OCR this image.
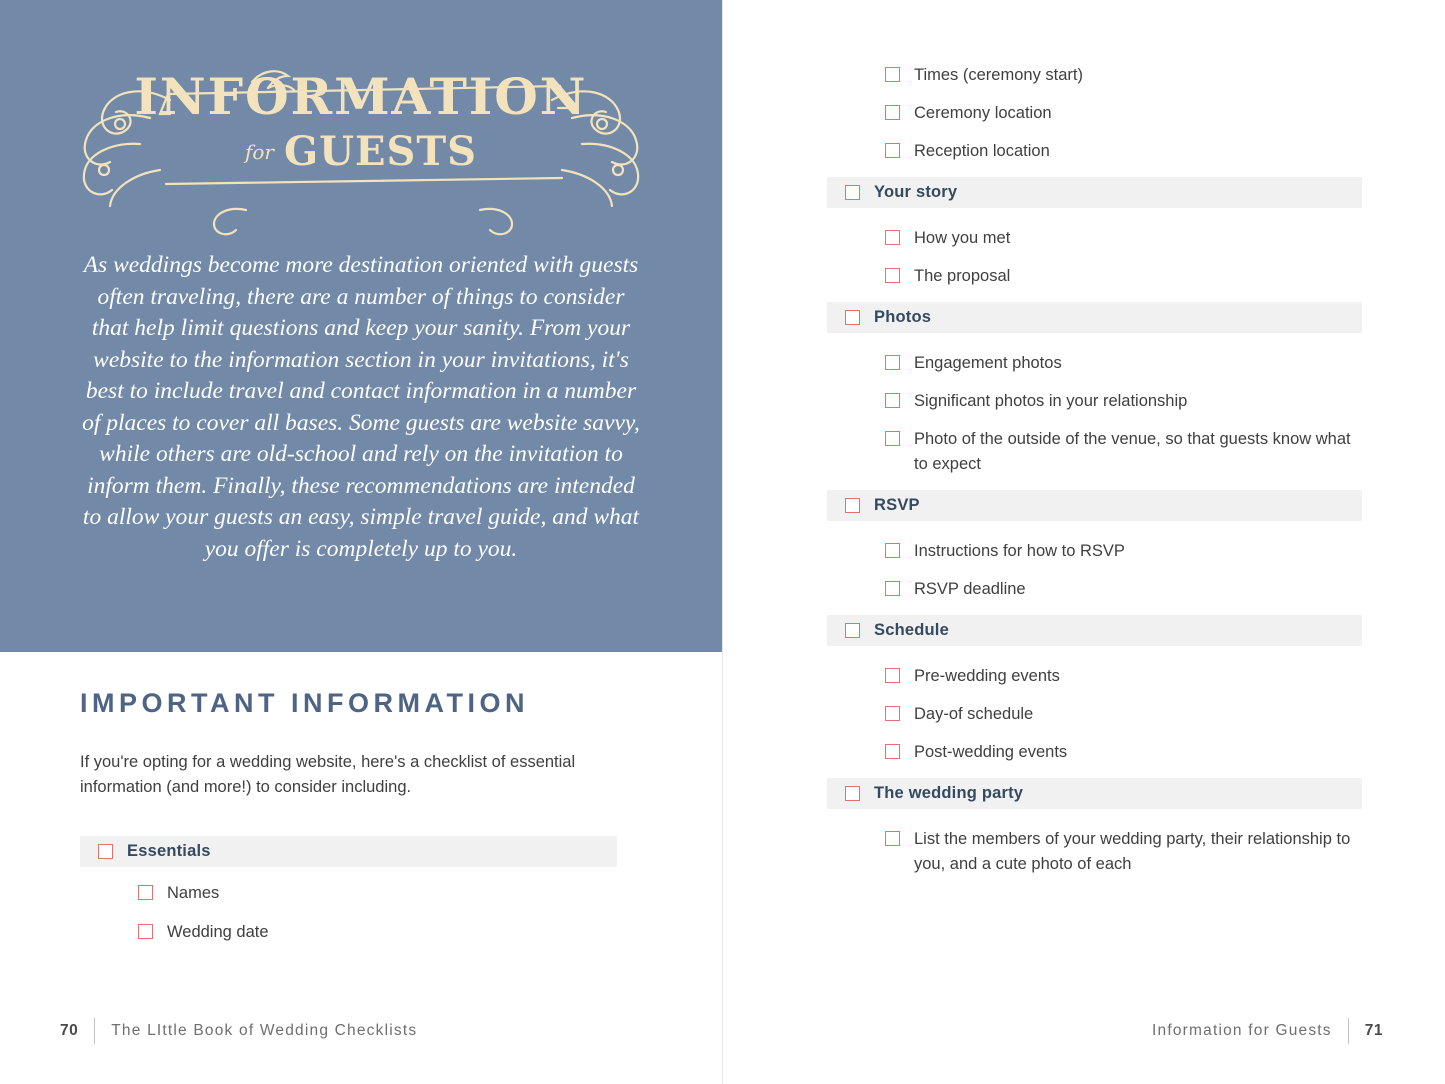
INFORMATION
for GUESTS
As weddings become more destination oriented with guests often traveling, there are a number of things to consider that help limit questions and keep your sanity. From your website to the information section in your invitations, it's best to include travel and contact information in a number of places to cover all bases. Some guests are website savvy, while others are old-school and rely on the invitation to inform them. Finally, these recommendations are intended to allow your guests an easy, simple travel guide, and what you offer is completely up to you.
IMPORTANT INFORMATION
If you're opting for a wedding website, here's a checklist of essential information (and more!) to consider including.
Essentials
Names
Wedding date
70 The LIttle Book of Wedding Checklists
Times (ceremony start)
Ceremony location
Reception location
Your story
How you met
The proposal
Photos
Engagement photos
Significant photos in your relationship
Photo of the outside of the venue, so that guests know what to expect
RSVP
Instructions for how to RSVP
RSVP deadline
Schedule
Pre-wedding events
Day-of schedule
Post-wedding events
The wedding party
List the members of your wedding party, their relationship to you, and a cute photo of each
Information for Guests 71
